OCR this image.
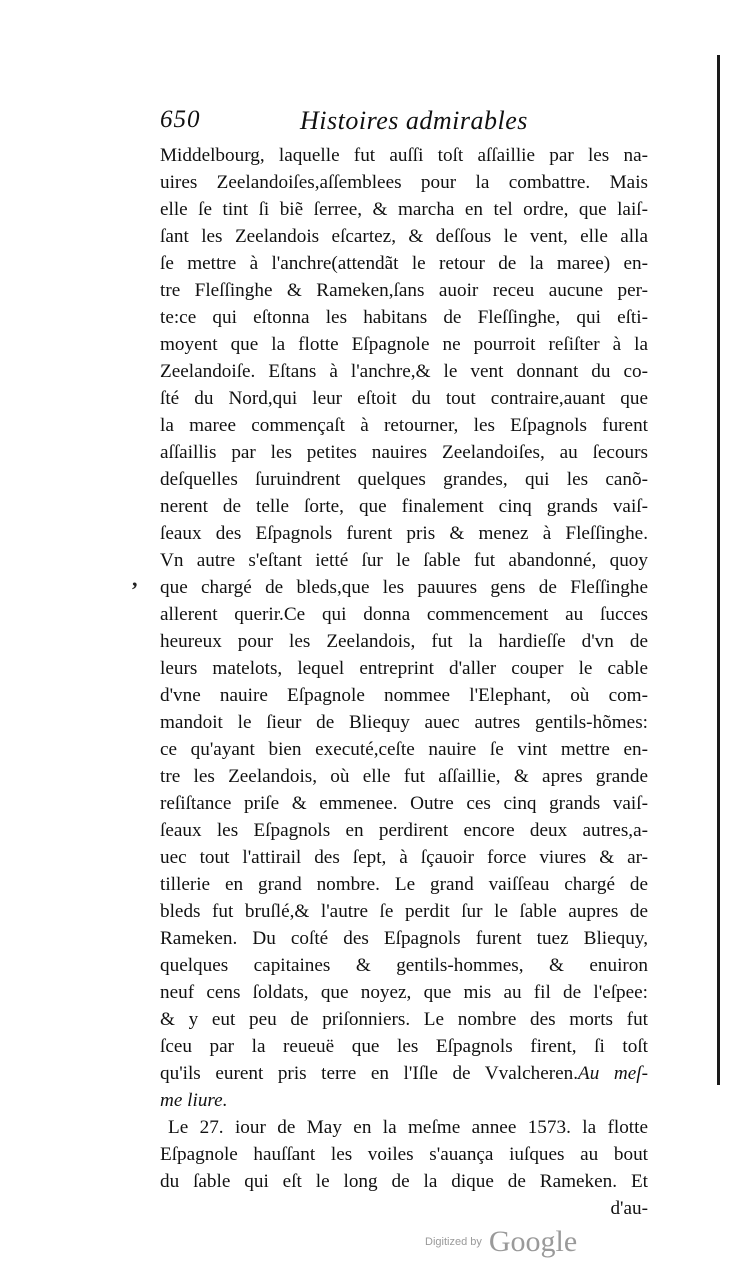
650	Histoires admirables
,
Middelbourg, laquelle fut auſſi toſt aſſaillie par les na-
uires Zeelandoiſes,aſſemblees pour la combattre. Mais
elle ſe tint ſi biẽ ſerree, & marcha en tel ordre, que laiſ-
ſant les Zeelandois eſcartez, & deſſous le vent, elle alla
ſe mettre à l'anchre(attendãt le retour de la maree) en-
tre Fleſſinghe & Rameken,ſans auoir receu aucune per-
te:ce qui eſtonna les habitans de Fleſſinghe, qui eſti-
moyent que la flotte Eſpagnole ne pourroit reſiſter à la
Zeelandoiſe. Eſtans à l'anchre,& le vent donnant du co-
ſté du Nord,qui leur eſtoit du tout contraire,auant que
la maree commençaſt à retourner, les Eſpagnols furent
aſſaillis par les petites nauires Zeelandoiſes, au ſecours
deſquelles ſuruindrent quelques grandes, qui les canõ-
nerent de telle ſorte, que finalement cinq grands vaiſ-
ſeaux des Eſpagnols furent pris & menez à Fleſſinghe.
Vn autre s'eſtant ietté ſur le ſable fut abandonné, quoy
que chargé de bleds,que les pauures gens de Fleſſinghe
allerent querir.Ce qui donna commencement au ſucces
heureux pour les Zeelandois, fut la hardieſſe d'vn de
leurs matelots, lequel entreprint d'aller couper le cable
d'vne nauire Eſpagnole nommee l'Elephant, où com-
mandoit le ſieur de Bliequy auec autres gentils-hõmes:
ce qu'ayant bien executé,ceſte nauire ſe vint mettre en-
tre les Zeelandois, où elle fut aſſaillie, & apres grande
reſiſtance priſe & emmenee. Outre ces cinq grands vaiſ-
ſeaux les Eſpagnols en perdirent encore deux autres,a-
uec tout l'attirail des ſept, à ſçauoir force viures & ar-
tillerie en grand nombre. Le grand vaiſſeau chargé de
bleds fut bruſlé,& l'autre ſe perdit ſur le ſable aupres de
Rameken. Du coſté des Eſpagnols furent tuez Bliequy,
quelques capitaines & gentils-hommes, & enuiron
neuf cens ſoldats, que noyez, que mis au fil de l'eſpee:
& y eut peu de priſonniers. Le nombre des morts fut
ſceu par la reueuë que les Eſpagnols firent, ſi toſt
qu'ils eurent pris terre en l'Iſle de Vvalcheren.Au meſ-
me liure.
Le 27. iour de May en la meſme annee 1573. la flotte
Eſpagnole hauſſant les voiles s'auança iuſques au bout
du ſable qui eſt le long de la dique de Rameken. Et
d'au-
Digitized by Google
